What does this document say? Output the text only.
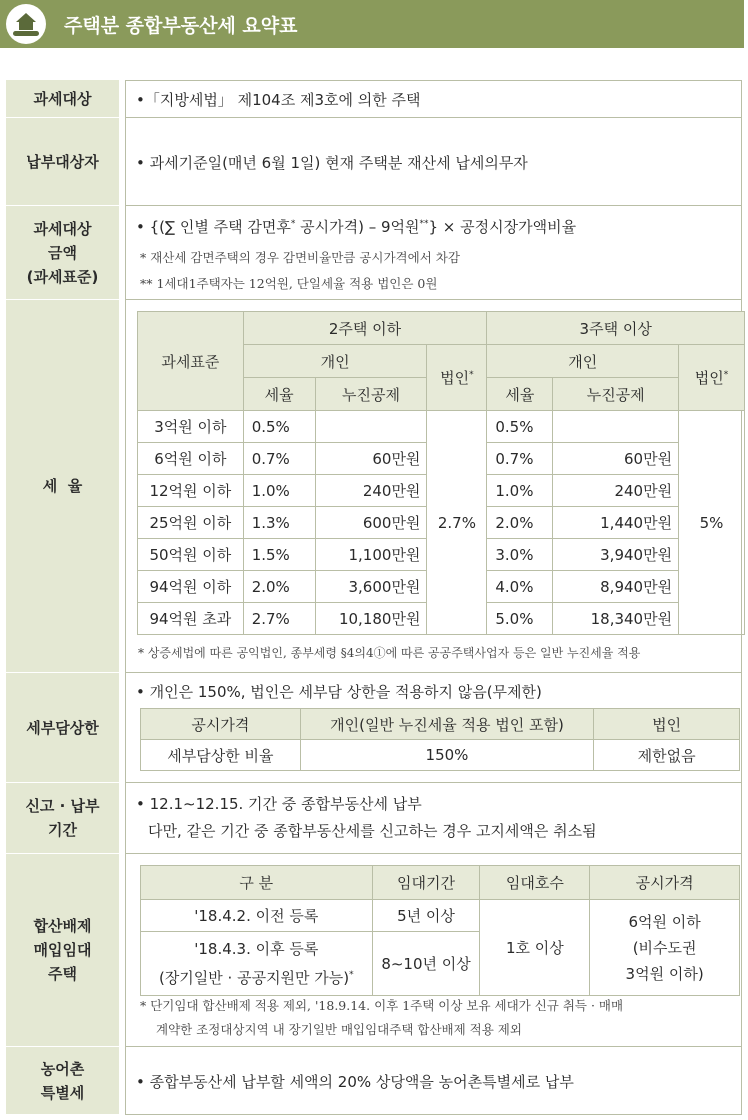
주택분 종합부동산세 요약표
과세대상	•「지방세법」 제104조 제3호에 의한 주택
납부대상자	• 과세기준일(매년 6월 1일) 현재 주택분 재산세 납세의무자
과세대상
금액
(과세표준)
• {(∑ 인별 주택 감면후* 공시가격) – 9억원**} × 공정시장가액비율
* 재산세 감면주택의 경우 감면비율만큼 공시가격에서 차감
** 1세대1주택자는 12억원, 단일세율 적용 법인은 0원
세  율
과세표준	2주택 이하			3주택 이상		
	개인		법인*	개인		법인*
	세율	누진공제		세율	누진공제	
3억원 이하	0.5%		2.7%	0.5%		5%
6억원 이하	0.7%	60만원		0.7%	60만원	
12억원 이하	1.0%	240만원		1.0%	240만원	
25억원 이하	1.3%	600만원		2.0%	1,440만원	
50억원 이하	1.5%	1,100만원		3.0%	3,940만원	
94억원 이하	2.0%	3,600만원		4.0%	8,940만원	
94억원 초과	2.7%	10,180만원		5.0%	18,340만원	
* 상증세법에 따른 공익법인, 종부세령 §4의4①에 따른 공공주택사업자 등은 일반 누진세율 적용
세부담상한
• 개인은 150%, 법인은 세부담 상한을 적용하지 않음(무제한)
공시가격	개인(일반 누진세율 적용 법인 포함)	법인
세부담상한 비율	150%	제한없음
신고 · 납부
기간
• 12.1∼12.15. 기간 중 종합부동산세 납부
다만, 같은 기간 중 종합부동산세를 신고하는 경우 고지세액은 취소됨
합산배제
매입임대
주택
구 분	임대기간	임대호수	공시가격
'18.4.2. 이전 등록	5년 이상	1호 이상	6억원 이하
(비수도권
3억원 이하)

'18.4.3. 이후 등록
(장기일반 · 공공지원만 가능)*	8∼10년 이상		
* 단기임대 합산배제 적용 제외, '18.9.14. 이후 1주택 이상 보유 세대가 신규 취득 · 매매
계약한 조정대상지역 내 장기일반 매입임대주택 합산배제 적용 제외
농어촌
특별세
• 종합부동산세 납부할 세액의 20% 상당액을 농어촌특별세로 납부
